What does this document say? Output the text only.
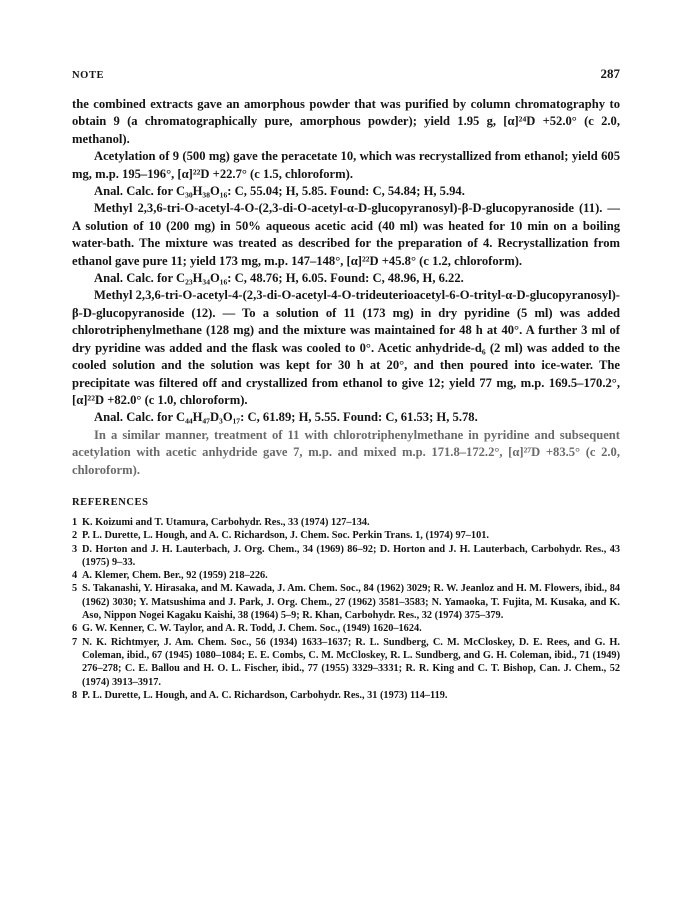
NOTE	287

the combined extracts gave an amorphous powder that was purified by column chromatography to obtain 9 (a chromatographically pure, amorphous powder); yield 1.95 g, [α]²⁴D +52.0° (c 2.0, methanol).

Acetylation of 9 (500 mg) gave the peracetate 10, which was recrystallized from ethanol; yield 605 mg, m.p. 195–196°, [α]²²D +22.7° (c 1.5, chloroform).

Anal. Calc. for C₃₀H₃₈O₁₆: C, 55.04; H, 5.85. Found: C, 54.84; H, 5.94.

Methyl 2,3,6-tri-O-acetyl-4-O-(2,3-di-O-acetyl-α-D-glucopyranosyl)-β-D-glucopyranoside (11). — A solution of 10 (200 mg) in 50% aqueous acetic acid (40 ml) was heated for 10 min on a boiling water-bath. The mixture was treated as described for the preparation of 4. Recrystallization from ethanol gave pure 11; yield 173 mg, m.p. 147–148°, [α]²²D +45.8° (c 1.2, chloroform).

Anal. Calc. for C₂₃H₃₄O₁₆: C, 48.76; H, 6.05. Found: C, 48.96, H, 6.22.

Methyl 2,3,6-tri-O-acetyl-4-(2,3-di-O-acetyl-4-O-trideuterioacetyl-6-O-trityl-α-D-glucopyranosyl)-β-D-glucopyranoside (12). — To a solution of 11 (173 mg) in dry pyridine (5 ml) was added chlorotriphenylmethane (128 mg) and the mixture was maintained for 48 h at 40°. A further 3 ml of dry pyridine was added and the flask was cooled to 0°. Acetic anhydride-d₆ (2 ml) was added to the cooled solution and the solution was kept for 30 h at 20°, and then poured into ice-water. The precipitate was filtered off and crystallized from ethanol to give 12; yield 77 mg, m.p. 169.5–170.2°, [α]²²D +82.0° (c 1.0, chloroform).

Anal. Calc. for C₄₄H₄₇D₃O₁₇: C, 61.89; H, 5.55. Found: C, 61.53; H, 5.78.

In a similar manner, treatment of 11 with chlorotriphenylmethane in pyridine and subsequent acetylation with acetic anhydride gave 7, m.p. and mixed m.p. 171.8–172.2°, [α]²⁷D +83.5° (c 2.0, chloroform).

REFERENCES
1 K. Koizumi and T. Utamura, Carbohydr. Res., 33 (1974) 127–134.
2 P. L. Durette, L. Hough, and A. C. Richardson, J. Chem. Soc. Perkin Trans. 1, (1974) 97–101.
3 D. Horton and J. H. Lauterbach, J. Org. Chem., 34 (1969) 86–92; D. Horton and J. H. Lauterbach, Carbohydr. Res., 43 (1975) 9–33.
4 A. Klemer, Chem. Ber., 92 (1959) 218–226.
5 S. Takanashi, Y. Hirasaka, and M. Kawada, J. Am. Chem. Soc., 84 (1962) 3029; R. W. Jeanloz and H. M. Flowers, ibid., 84 (1962) 3030; Y. Matsushima and J. Park, J. Org. Chem., 27 (1962) 3581–3583; N. Yamaoka, T. Fujita, M. Kusaka, and K. Aso, Nippon Nogei Kagaku Kaishi, 38 (1964) 5–9; R. Khan, Carbohydr. Res., 32 (1974) 375–379.
6 G. W. Kenner, C. W. Taylor, and A. R. Todd, J. Chem. Soc., (1949) 1620–1624.
7 N. K. Richtmyer, J. Am. Chem. Soc., 56 (1934) 1633–1637; R. L. Sundberg, C. M. McCloskey, D. E. Rees, and G. H. Coleman, ibid., 67 (1945) 1080–1084; E. E. Combs, C. M. McCloskey, R. L. Sundberg, and G. H. Coleman, ibid., 71 (1949) 276–278; C. E. Ballou and H. O. L. Fischer, ibid., 77 (1955) 3329–3331; R. R. King and C. T. Bishop, Can. J. Chem., 52 (1974) 3913–3917.
8 P. L. Durette, L. Hough, and A. C. Richardson, Carbohydr. Res., 31 (1973) 114–119.
